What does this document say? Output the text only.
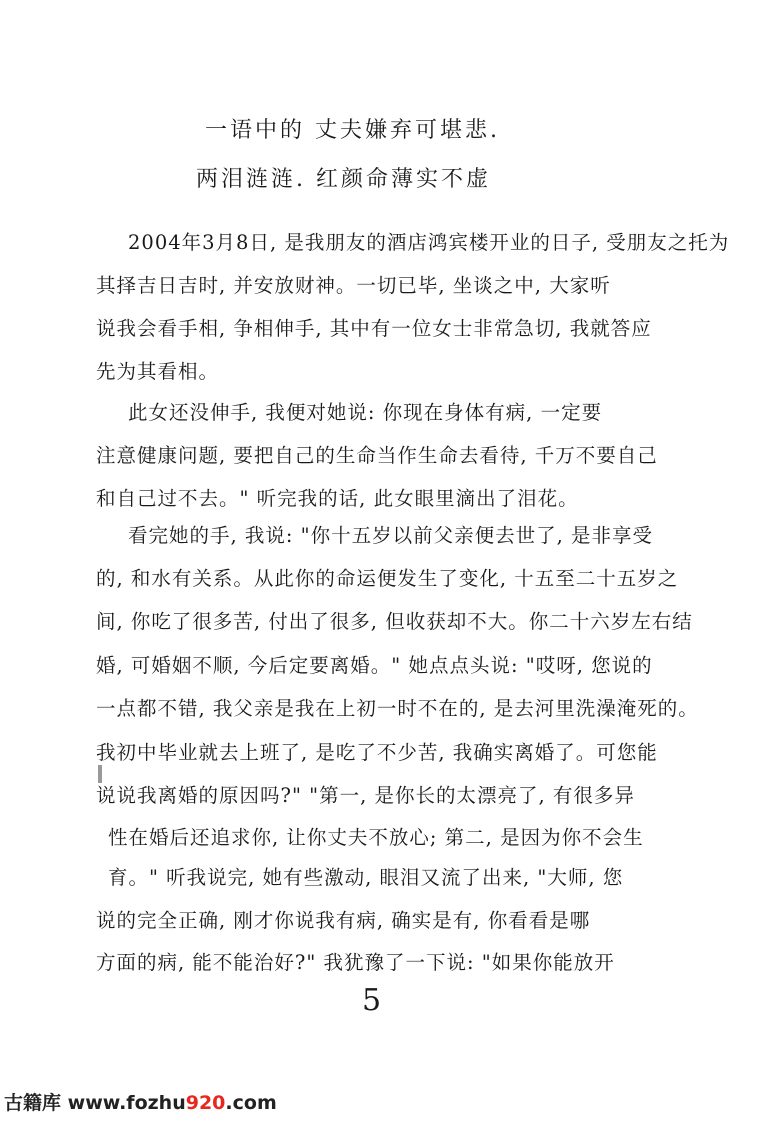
一语中的 丈夫嫌弃可堪悲.
两泪涟涟. 红颜命薄实不虚
2004年3月8日, 是我朋友的酒店鸿宾楼开业的日子, 受朋友之托为
其择吉日吉时, 并安放财神。一切已毕, 坐谈之中, 大家听
说我会看手相, 争相伸手, 其中有一位女士非常急切, 我就答应
先为其看相。
此女还没伸手, 我便对她说: 你现在身体有病, 一定要
注意健康问题, 要把自己的生命当作生命去看待, 千万不要自己
和自己过不去。" 听完我的话, 此女眼里滴出了泪花。
看完她的手, 我说: "你十五岁以前父亲便去世了, 是非享受
的, 和水有关系。从此你的命运便发生了变化, 十五至二十五岁之
间, 你吃了很多苦, 付出了很多, 但收获却不大。你二十六岁左右结
婚, 可婚姻不顺, 今后定要离婚。" 她点点头说: "哎呀, 您说的
一点都不错, 我父亲是我在上初一时不在的, 是去河里洗澡淹死的。
我初中毕业就去上班了, 是吃了不少苦, 我确实离婚了。可您能
说说我离婚的原因吗?" "第一, 是你长的太漂亮了, 有很多异
性在婚后还追求你, 让你丈夫不放心; 第二, 是因为你不会生
育。" 听我说完, 她有些激动, 眼泪又流了出来, "大师, 您
说的完全正确, 刚才你说我有病, 确实是有, 你看看是哪
方面的病, 能不能治好?" 我犹豫了一下说: "如果你能放开
5
古籍库 www.fozhu920.com
